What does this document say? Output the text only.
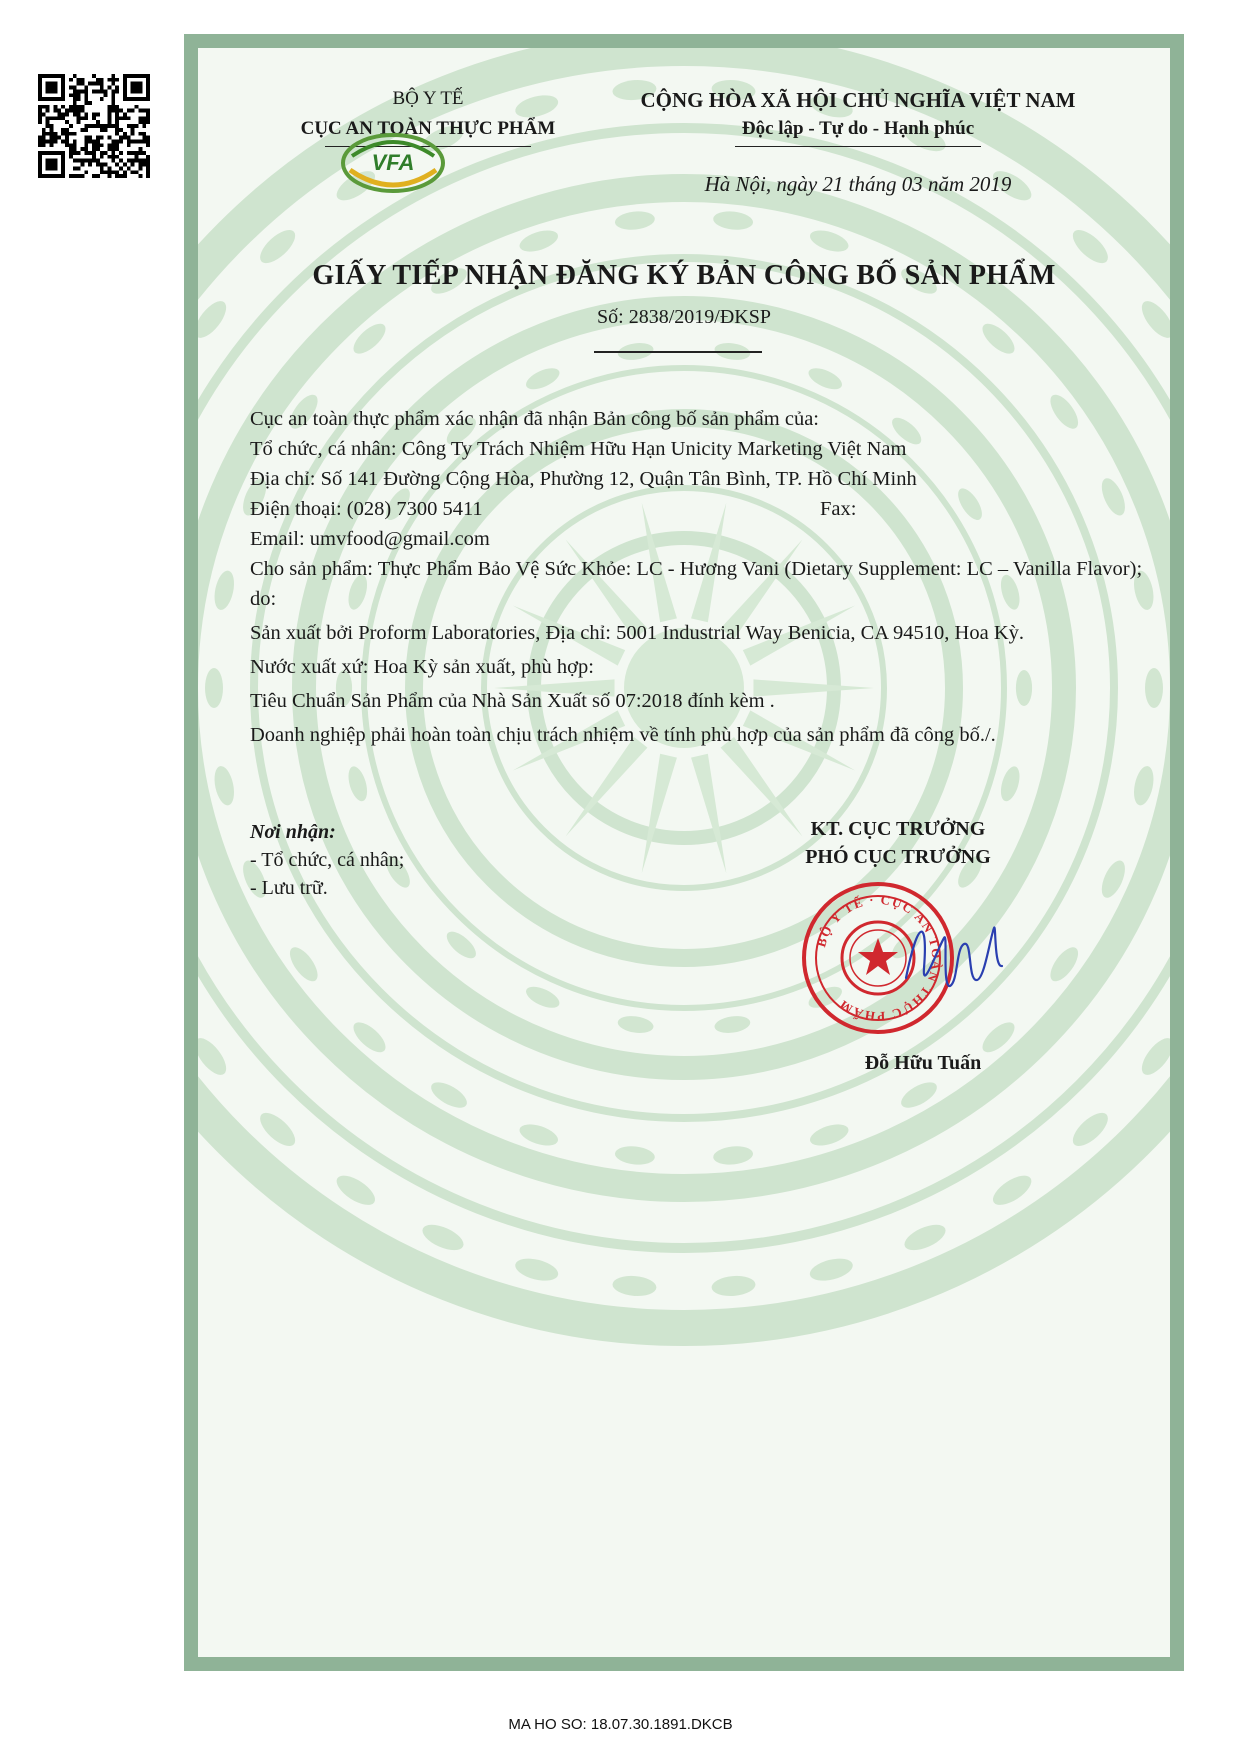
BỘ Y TẾ
CỤC AN TOÀN THỰC PHẨM
VFA
CỘNG HÒA XÃ HỘI CHỦ NGHĨA VIỆT NAM
Độc lập - Tự do - Hạnh phúc
Hà Nội, ngày 21 tháng 03 năm 2019
GIẤY TIẾP NHẬN ĐĂNG KÝ BẢN CÔNG BỐ SẢN PHẨM
Số: 2838/2019/ĐKSP

Cục an toàn thực phẩm xác nhận đã nhận Bản công bố sản phẩm của:

Tổ chức, cá nhân: Công Ty Trách Nhiệm Hữu Hạn Unicity Marketing Việt Nam

Địa chỉ: Số 141 Đường Cộng Hòa, Phường 12, Quận Tân Bình, TP. Hồ Chí Minh

Điện thoại: (028) 7300 5411	Fax:

Email: umvfood@gmail.com

Cho sản phẩm: Thực Phẩm Bảo Vệ Sức Khỏe: LC - Hương Vani (Dietary Supplement: LC – Vanilla Flavor); do:

Sản xuất bởi Proform Laboratories, Địa chỉ: 5001 Industrial Way Benicia, CA 94510, Hoa Kỳ.

Nước xuất xứ: Hoa Kỳ sản xuất, phù hợp:

Tiêu Chuẩn Sản Phẩm của Nhà Sản Xuất số 07:2018 đính kèm .

Doanh nghiệp phải hoàn toàn chịu trách nhiệm về tính phù hợp của sản phẩm đã công bố./.

Nơi nhận:
- Tổ chức, cá nhân;
- Lưu trữ.
KT. CỤC TRƯỞNG
PHÓ CỤC TRƯỞNG
BỘ Y TẾ · CỤC AN TOÀN THỰC PHẨM
Đỗ Hữu Tuấn
MA HO SO: 18.07.30.1891.DKCB
